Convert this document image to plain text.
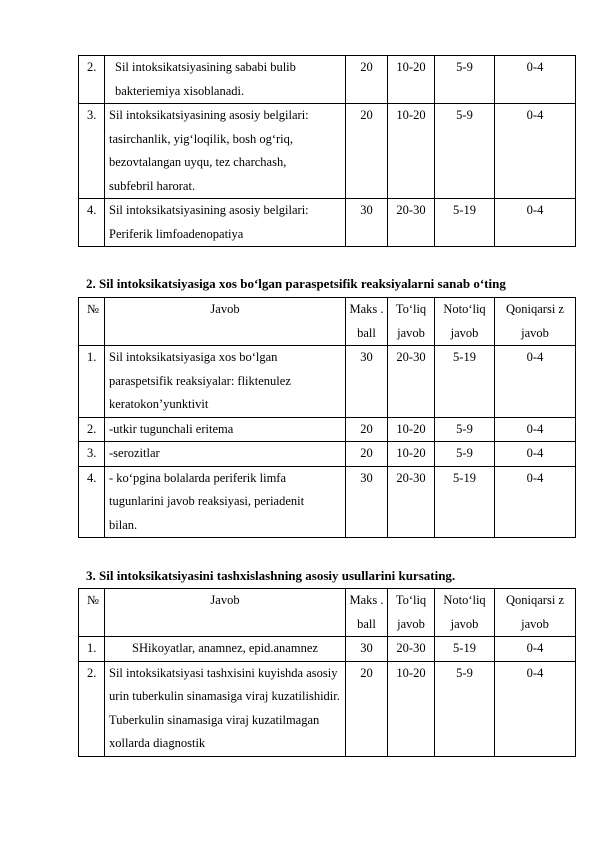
2.	Sil intoksikatsiyasining sababi bulib bakteriemiya xisoblanadi.	20	10-20	5-9	0-4
3.	Sil intoksikatsiyasining asosiy belgilari: tasirchanlik, yig‘loqilik, bosh og‘riq, bezovtalangan uyqu, tez charchash, subfebril harorat.	20	10-20	5-9	0-4
4.	Sil intoksikatsiyasining asosiy belgilari: Periferik limfoadenopatiya	30	20-30	5-19	0-4
2. Sil intoksikatsiyasiga xos bo‘lgan paraspetsifik reaksiyalarni sanab o‘ting
№	Javob	Maks . ball	To‘liq javob	Noto‘liq javob	Qoniqarsi z javob
1.	Sil intoksikatsiyasiga xos bo‘lgan paraspetsifik reaksiyalar: fliktenulez keratokon’yunktivit	30	20-30	5-19	0-4
2.	-utkir tugunchali eritema	20	10-20	5-9	0-4
3.	-serozitlar	20	10-20	5-9	0-4
4.	- ko‘pgina bolalarda periferik limfa tugunlarini javob reaksiyasi, periadenit bilan.	30	20-30	5-19	0-4
3. Sil intoksikatsiyasini tashxislashning asosiy usullarini kursating.
№	Javob	Maks . ball	To‘liq javob	Noto‘liq javob	Qoniqarsi z javob
1.	SHikoyatlar, anamnez, epid.anamnez	30	20-30	5-19	0-4
2.	Sil intoksikatsiyasi tashxisini kuyishda asosiy urin tuberkulin sinamasiga viraj kuzatilishidir. Tuberkulin sinamasiga viraj kuzatilmagan xollarda diagnostik	20	10-20	5-9	0-4
